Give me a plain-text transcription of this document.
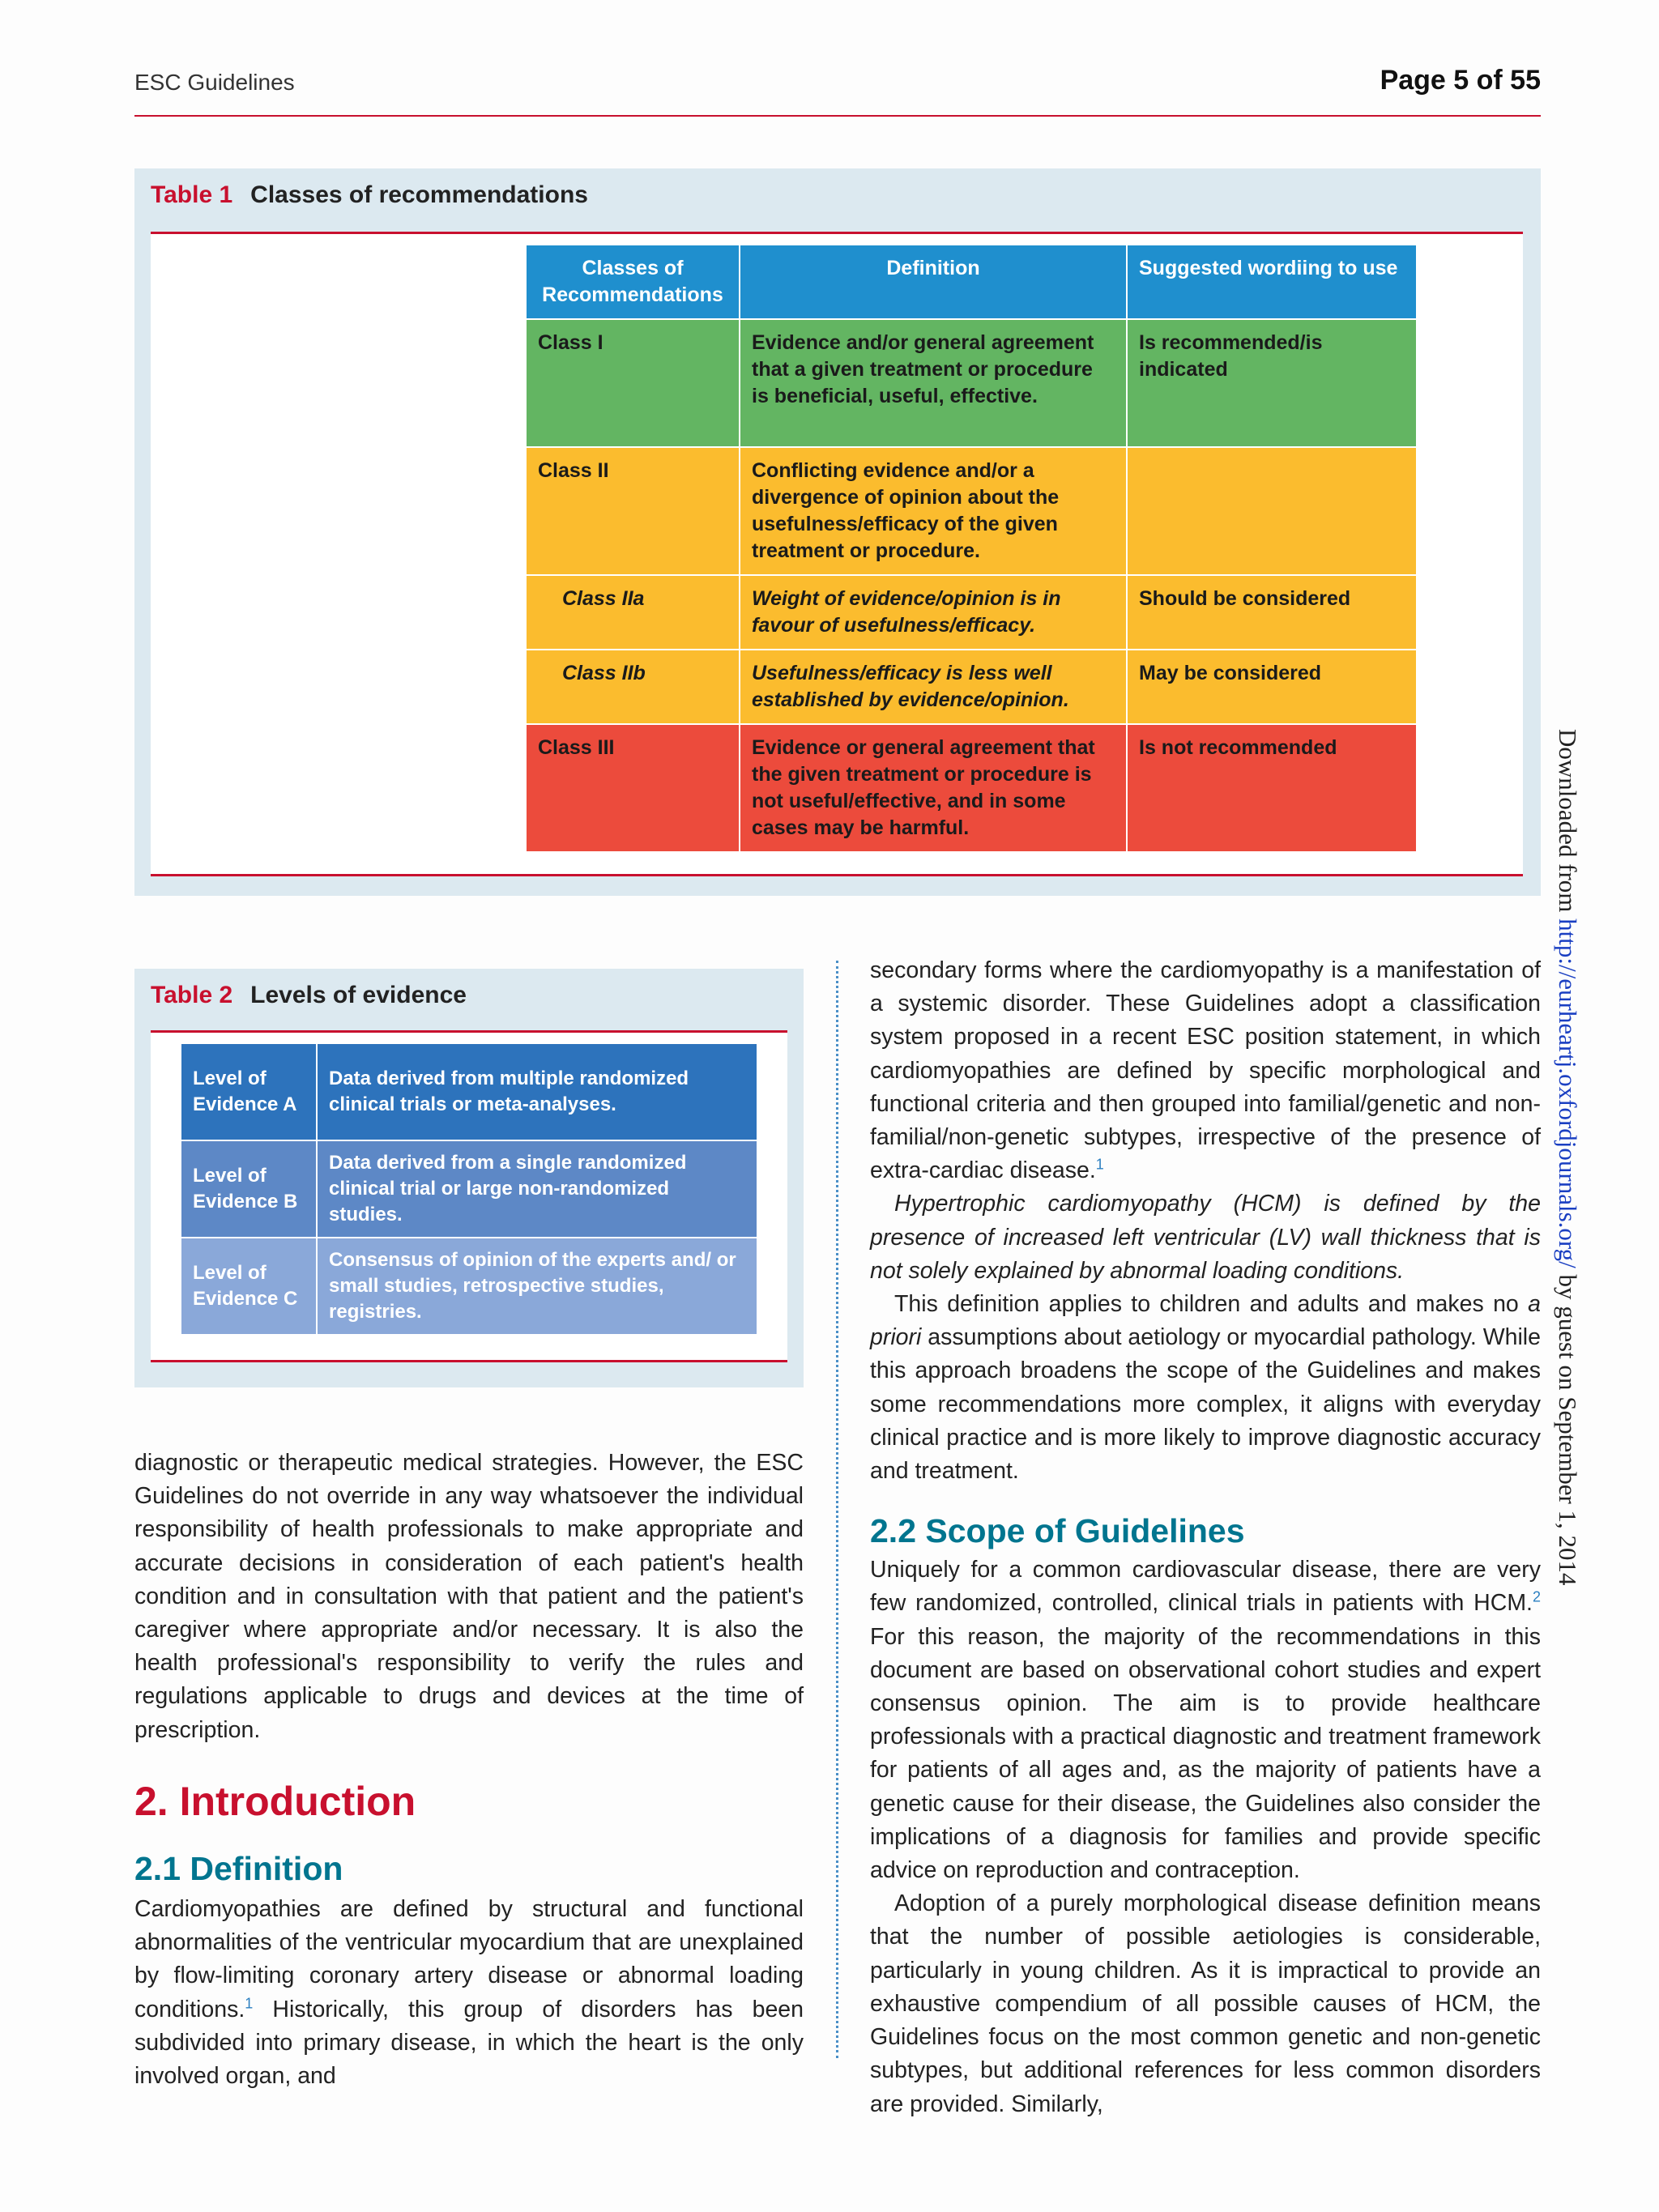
ESC Guidelines	Page 5 of 55
Downloaded from http://eurheartj.oxfordjournals.org/ by guest on September 1, 2014
Table 1 Classes of recommendations
Classes of Recommendations	Definition	Suggested wordiing to use
Class I	Evidence and/or general agreement that a given treatment or procedure is beneficial, useful, effective.	Is recommended/is indicated
Class II	Conflicting evidence and/or a divergence of opinion about the usefulness/efficacy of the given treatment or procedure.	
Class IIa	Weight of evidence/opinion is in favour of usefulness/efficacy.	Should be considered
Class IIb	Usefulness/efficacy is less well established by evidence/opinion.	May be considered
Class III	Evidence or general agreement that the given treatment or procedure is not useful/effective, and in some cases may be harmful.	Is not recommended
Table 2 Levels of evidence
Level of Evidence A	Data derived from multiple randomized clinical trials or meta-analyses.
Level of Evidence B	Data derived from a single randomized clinical trial or large non-randomized studies.
Level of Evidence C	Consensus of opinion of the experts and/ or small studies, retrospective studies, registries.

diagnostic or therapeutic medical strategies. However, the ESC Guidelines do not override in any way whatsoever the individual responsibility of health professionals to make appropriate and accurate decisions in consideration of each patient's health condition and in consultation with that patient and the patient's caregiver where appropriate and/or necessary. It is also the health professional's responsibility to verify the rules and regulations applicable to drugs and devices at the time of prescription.

2. Introduction
2.1 Definition

Cardiomyopathies are defined by structural and functional abnormalities of the ventricular myocardium that are unexplained by flow-limiting coronary artery disease or abnormal loading conditions.$^1$ Historically, this group of disorders has been subdivided into primary disease, in which the heart is the only involved organ, and

secondary forms where the cardiomyopathy is a manifestation of a systemic disorder. These Guidelines adopt a classification system proposed in a recent ESC position statement, in which cardiomyopathies are defined by specific morphological and functional criteria and then grouped into familial/genetic and non-familial/non-genetic subtypes, irrespective of the presence of extra-cardiac disease.$^1$

Hypertrophic cardiomyopathy (HCM) is defined by the presence of increased left ventricular (LV) wall thickness that is not solely explained by abnormal loading conditions.

This definition applies to children and adults and makes no a priori assumptions about aetiology or myocardial pathology. While this approach broadens the scope of the Guidelines and makes some recommendations more complex, it aligns with everyday clinical practice and is more likely to improve diagnostic accuracy and treatment.

2.2 Scope of Guidelines

Uniquely for a common cardiovascular disease, there are very few randomized, controlled, clinical trials in patients with HCM.$^2$ For this reason, the majority of the recommendations in this document are based on observational cohort studies and expert consensus opinion. The aim is to provide healthcare professionals with a practical diagnostic and treatment framework for patients of all ages and, as the majority of patients have a genetic cause for their disease, the Guidelines also consider the implications of a diagnosis for families and provide specific advice on reproduction and contraception.

Adoption of a purely morphological disease definition means that the number of possible aetiologies is considerable, particularly in young children. As it is impractical to provide an exhaustive compendium of all possible causes of HCM, the Guidelines focus on the most common genetic and non-genetic subtypes, but additional references for less common disorders are provided. Similarly,
